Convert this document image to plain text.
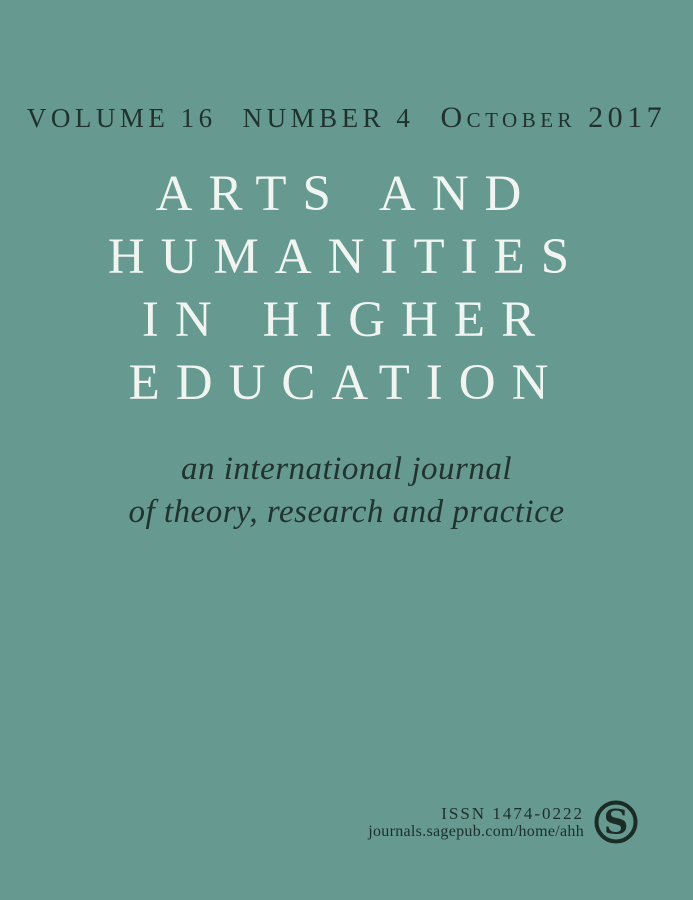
VOLUME 16 NUMBER 4 October 2017
ARTS AND
HUMANITIES
IN HIGHER
EDUCATION
an international journal
of theory, research and practice
ISSN 1474-0222
journals.sagepub.com/home/ahh S
